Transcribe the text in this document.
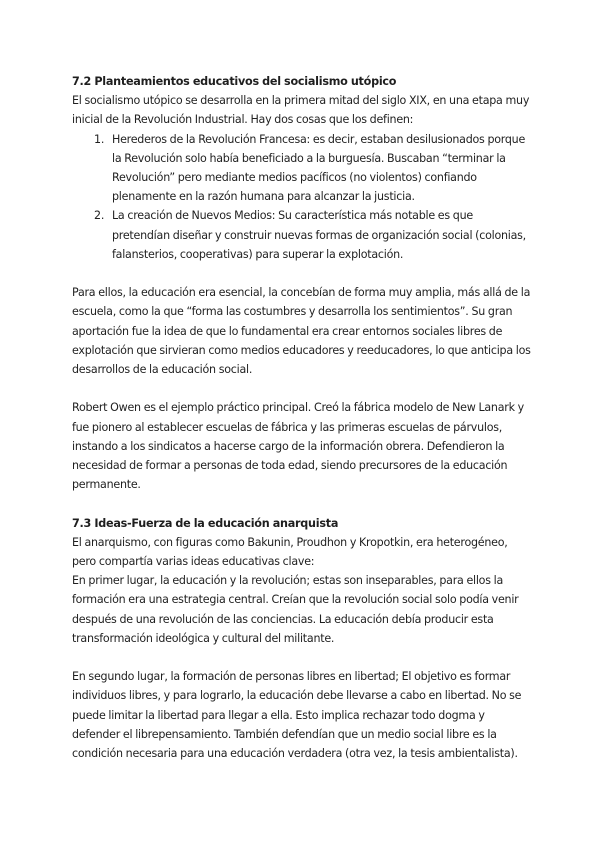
7.2 Planteamientos educativos del socialismo utópico

El socialismo utópico se desarrolla en la primera mitad del siglo XIX, en una etapa muy inicial de la Revolución Industrial. Hay dos cosas que los definen:

1. Herederos de la Revolución Francesa: es decir, estaban desilusionados porque la Revolución solo había beneficiado a la burguesía. Buscaban “terminar la Revolución” pero mediante medios pacíficos (no violentos) confiando plenamente en la razón humana para alcanzar la justicia.
2. La creación de Nuevos Medios: Su característica más notable es que pretendían diseñar y construir nuevas formas de organización social (colonias, falansterios, cooperativas) para superar la explotación.

Para ellos, la educación era esencial, la concebían de forma muy amplia, más allá de la escuela, como la que “forma las costumbres y desarrolla los sentimientos”. Su gran aportación fue la idea de que lo fundamental era crear entornos sociales libres de explotación que sirvieran como medios educadores y reeducadores, lo que anticipa los desarrollos de la educación social.

Robert Owen es el ejemplo práctico principal. Creó la fábrica modelo de New Lanark y fue pionero al establecer escuelas de fábrica y las primeras escuelas de párvulos, instando a los sindicatos a hacerse cargo de la información obrera. Defendieron la necesidad de formar a personas de toda edad, siendo precursores de la educación permanente.

7.3 Ideas-Fuerza de la educación anarquista

El anarquismo, con figuras como Bakunin, Proudhon y Kropotkin, era heterogéneo, pero compartía varias ideas educativas clave:

En primer lugar, la educación y la revolución; estas son inseparables, para ellos la formación era una estrategia central. Creían que la revolución social solo podía venir después de una revolución de las conciencias. La educación debía producir esta transformación ideológica y cultural del militante.

En segundo lugar, la formación de personas libres en libertad; El objetivo es formar individuos libres, y para lograrlo, la educación debe llevarse a cabo en libertad. No se puede limitar la libertad para llegar a ella. Esto implica rechazar todo dogma y defender el librepensamiento. También defendían que un medio social libre es la condición necesaria para una educación verdadera (otra vez, la tesis ambientalista).
